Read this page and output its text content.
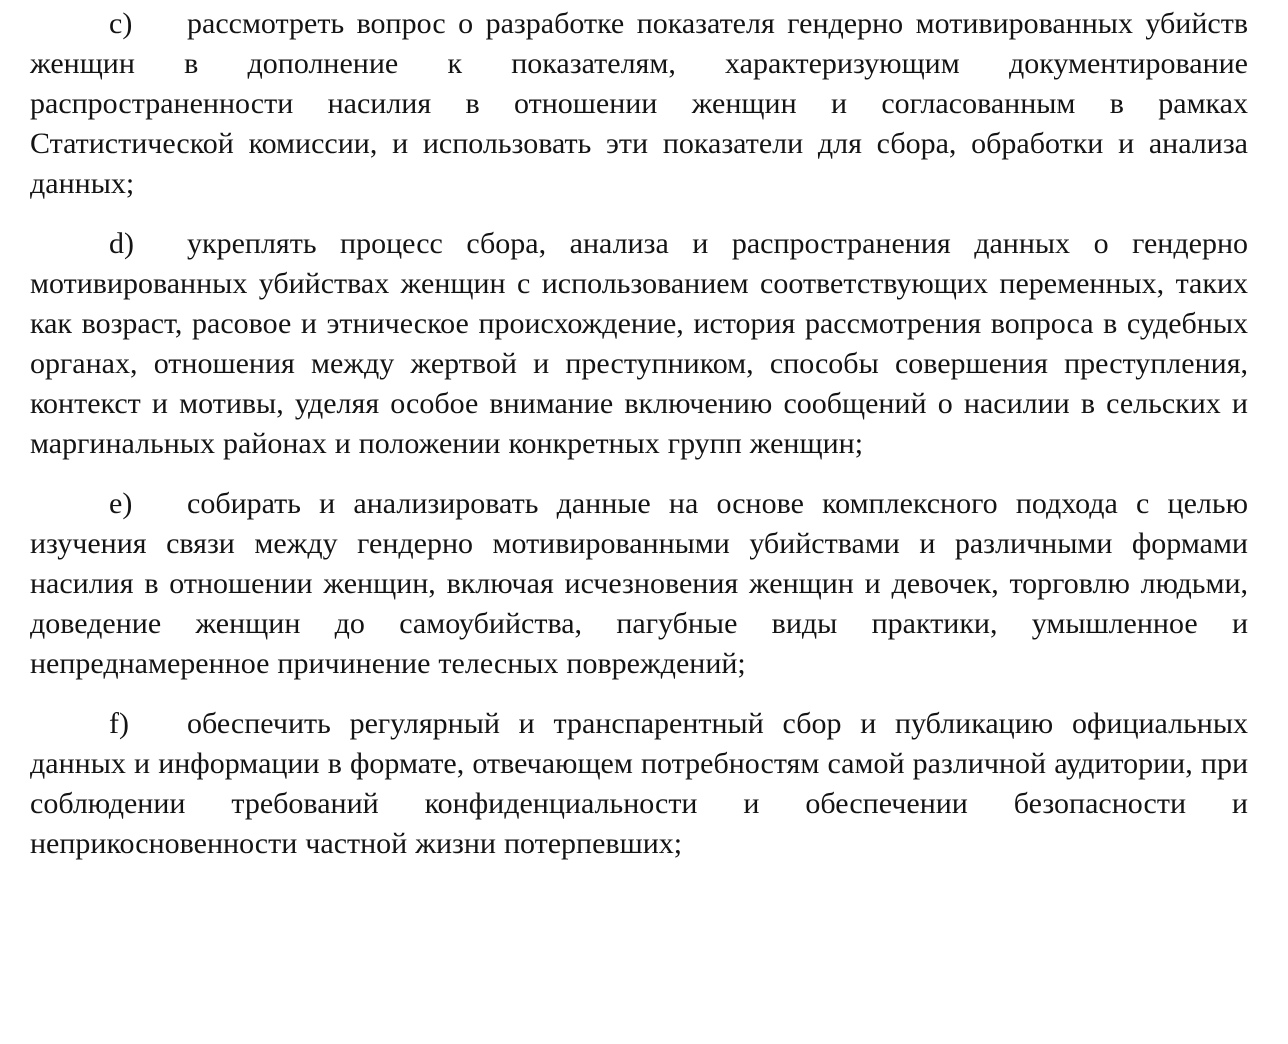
c) рассмотреть вопрос о разработке показателя гендерно мотивированных убийств женщин в дополнение к показателям, характеризующим документирование распространенности насилия в отношении женщин и согласованным в рамках Статистической комиссии, и использовать эти показатели для сбора, обработки и анализа данных;

d) укреплять процесс сбора, анализа и распространения данных о гендерно мотивированных убийствах женщин с использованием соответствующих переменных, таких как возраст, расовое и этническое происхождение, история рассмотрения вопроса в судебных органах, отношения между жертвой и преступником, способы совершения преступления, контекст и мотивы, уделяя особое внимание включению сообщений о насилии в сельских и маргинальных районах и положении конкретных групп женщин;

e) собирать и анализировать данные на основе комплексного подхода с целью изучения связи между гендерно мотивированными убийствами и различными формами насилия в отношении женщин, включая исчезновения женщин и девочек, торговлю людьми, доведение женщин до самоубийства, пагубные виды практики, умышленное и непреднамеренное причинение телесных повреждений;

f) обеспечить регулярный и транспарентный сбор и публикацию официальных данных и информации в формате, отвечающем потребностям самой различной аудитории, при соблюдении требований конфиденциальности и обеспечении безопасности и неприкосновенности частной жизни потерпевших;
